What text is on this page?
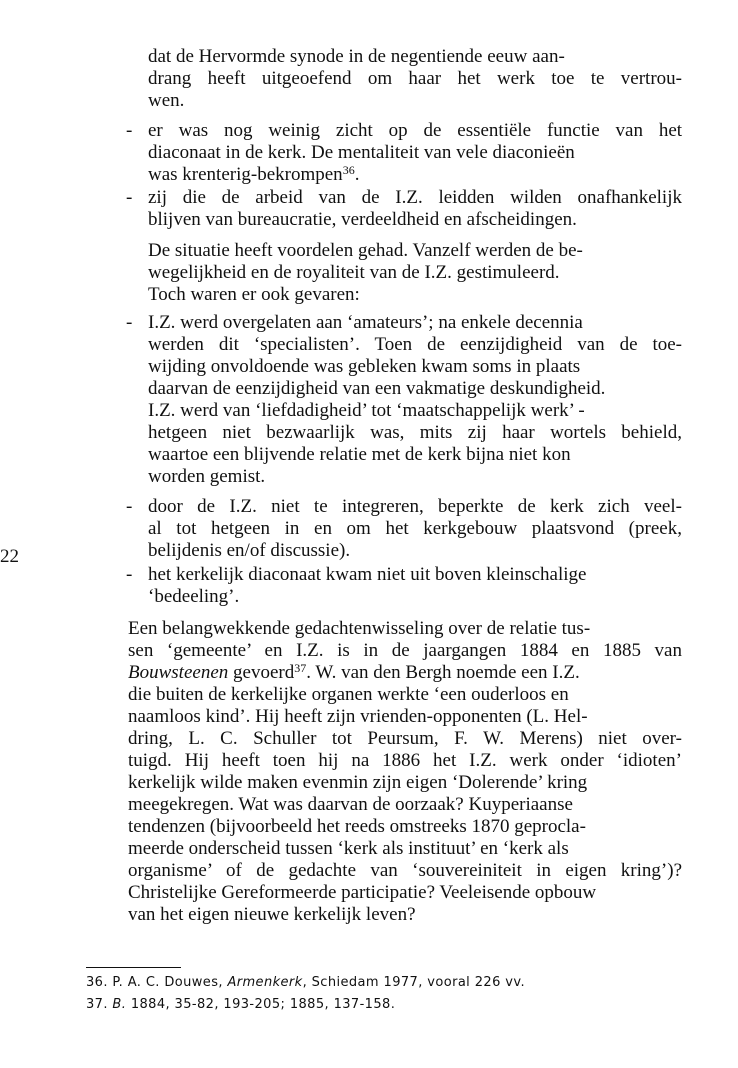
22
dat de Hervormde synode in de negentiende eeuw aan-
drang heeft uitgeoefend om haar het werk toe te vertrou-
wen.
er was nog weinig zicht op de essentiële functie van het
-
diaconaat in de kerk. De mentaliteit van vele diaconieën
was krenterig-bekrompen$^{36}$.
zij die de arbeid van de I.Z. leidden wilden onafhankelijk
-
blijven van bureaucratie, verdeeldheid en afscheidingen.
De situatie heeft voordelen gehad. Vanzelf werden de be-
wegelijkheid en de royaliteit van de I.Z. gestimuleerd.
Toch waren er ook gevaren:
I.Z. werd overgelaten aan ‘amateurs’; na enkele decennia
-
werden dit ‘specialisten’. Toen de eenzijdigheid van de toe-
wijding onvoldoende was gebleken kwam soms in plaats
daarvan de eenzijdigheid van een vakmatige deskundigheid.
I.Z. werd van ‘liefdadigheid’ tot ‘maatschappelijk werk’ -
hetgeen niet bezwaarlijk was, mits zij haar wortels behield,
waartoe een blijvende relatie met de kerk bijna niet kon
worden gemist.
door de I.Z. niet te integreren, beperkte de kerk zich veel-
-
al tot hetgeen in en om het kerkgebouw plaatsvond (preek,
belijdenis en/of discussie).
het kerkelijk diaconaat kwam niet uit boven kleinschalige
-
‘bedeeling’.
Een belangwekkende gedachtenwisseling over de relatie tus-
sen ‘gemeente’ en I.Z. is in de jaargangen 1884 en 1885 van
Bouwsteenen gevoerd$^{37}$. W. van den Bergh noemde een I.Z.
die buiten de kerkelijke organen werkte ‘een ouderloos en
naamloos kind’. Hij heeft zijn vrienden-opponenten (L. Hel-
dring, L. C. Schuller tot Peursum, F. W. Merens) niet over-
tuigd. Hij heeft toen hij na 1886 het I.Z. werk onder ‘idioten’
kerkelijk wilde maken evenmin zijn eigen ‘Dolerende’ kring
meegekregen. Wat was daarvan de oorzaak? Kuyperiaanse
tendenzen (bijvoorbeeld het reeds omstreeks 1870 geprocla-
meerde onderscheid tussen ‘kerk als instituut’ en ‘kerk als
organisme’ of de gedachte van ‘souvereiniteit in eigen kring’)?
Christelijke Gereformeerde participatie? Veeleisende opbouw
van het eigen nieuwe kerkelijk leven?
36. P. A. C. Douwes, Armenkerk, Schiedam 1977, vooral 226 vv.
37. B. 1884, 35-82, 193-205; 1885, 137-158.
